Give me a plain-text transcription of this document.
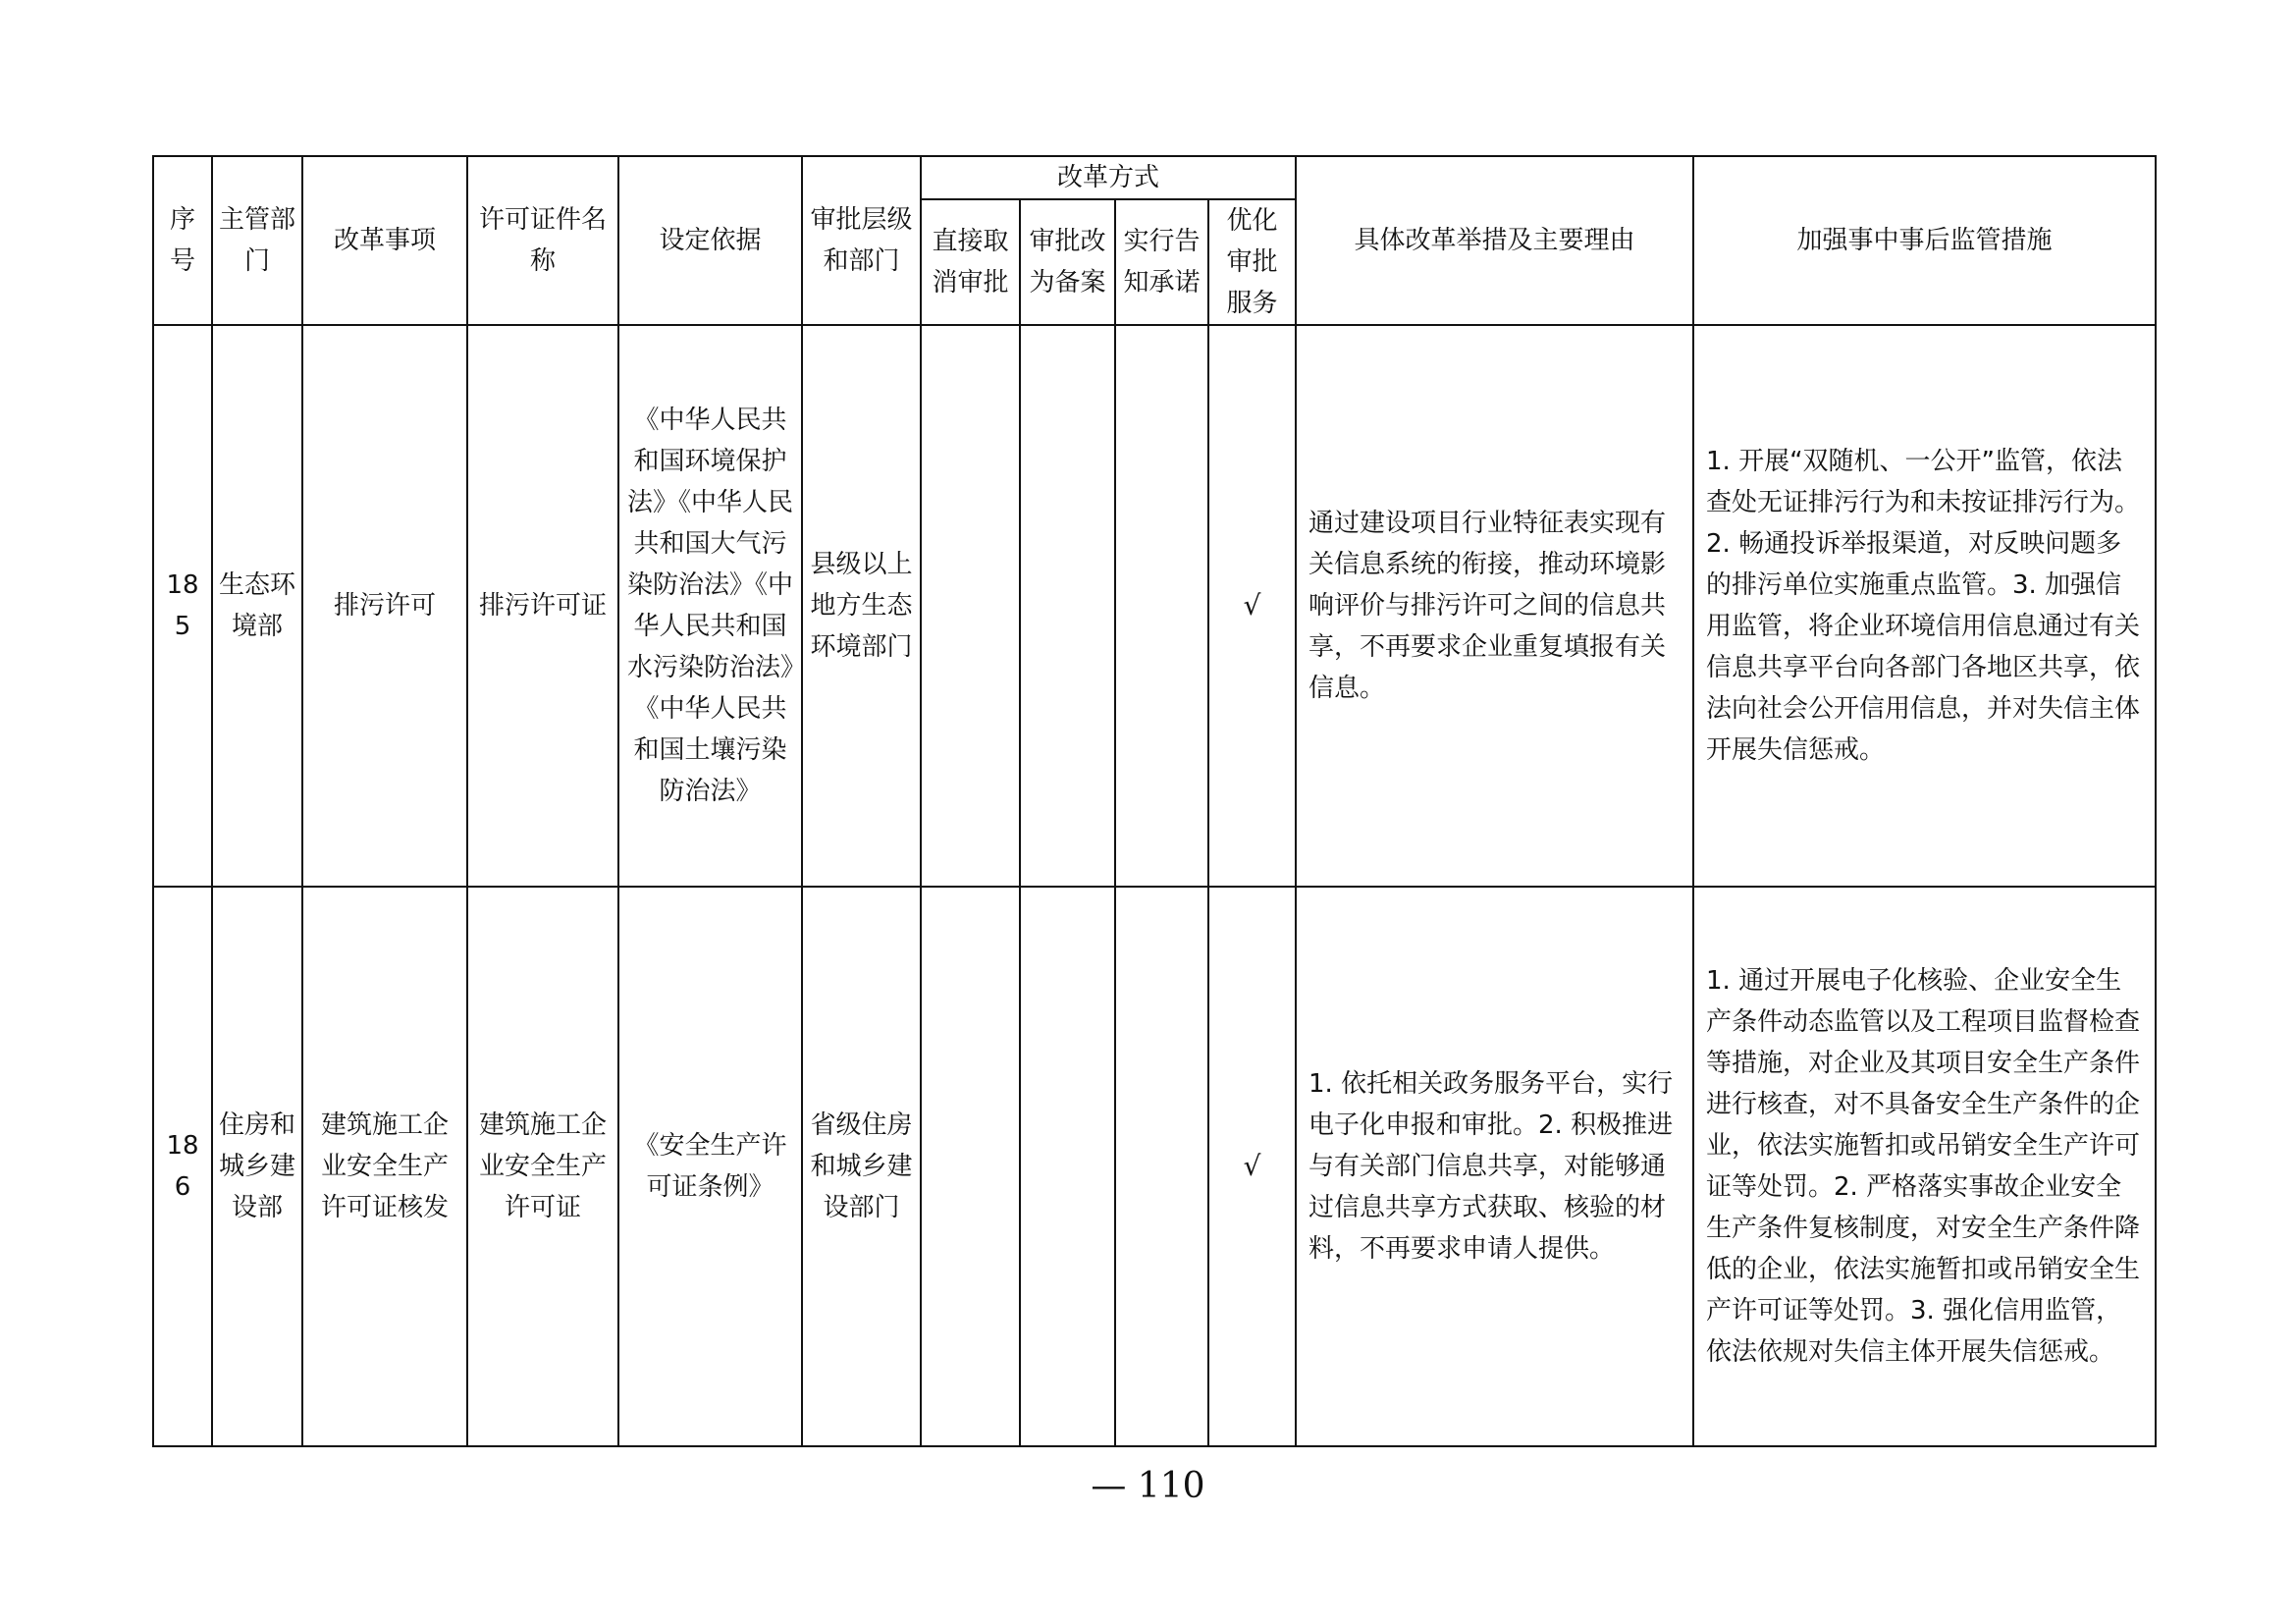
序号	主管部门	改革事项	许可证件名称	设定依据	审批层级和部门	改革方式				具体改革举措及主要理由	加强事中事后监管措施
						直接取消审批	审批改为备案	实行告知承诺	优化审批服务		
185	生态环境部	排污许可	排污许可证	《中华人民共和国环境保护法》《中华人民共和国大气污染防治法》《中华人民共和国水污染防治法》《中华人民共和国土壤污染防治法》	县级以上地方生态环境部门				√	通过建设项目行业特征表实现有关信息系统的衔接，推动环境影响评价与排污许可之间的信息共享，不再要求企业重复填报有关信息。	1. 开展“双随机、一公开”监管，依法查处无证排污行为和未按证排污行为。2. 畅通投诉举报渠道，对反映问题多的排污单位实施重点监管。3. 加强信用监管，将企业环境信用信息通过有关信息共享平台向各部门各地区共享，依法向社会公开信用信息，并对失信主体开展失信惩戒。
186	住房和城乡建设部	建筑施工企业安全生产许可证核发	建筑施工企业安全生产许可证	《安全生产许可证条例》	省级住房和城乡建设部门				√	1. 依托相关政务服务平台，实行电子化申报和审批。2. 积极推进与有关部门信息共享，对能够通过信息共享方式获取、核验的材料，不再要求申请人提供。	1. 通过开展电子化核验、企业安全生产条件动态监管以及工程项目监督检查等措施，对企业及其项目安全生产条件进行核查，对不具备安全生产条件的企业，依法实施暂扣或吊销安全生产许可证等处罚。2. 严格落实事故企业安全生产条件复核制度，对安全生产条件降低的企业，依法实施暂扣或吊销安全生产许可证等处罚。3. 强化信用监管，依法依规对失信主体开展失信惩戒。
— 110
